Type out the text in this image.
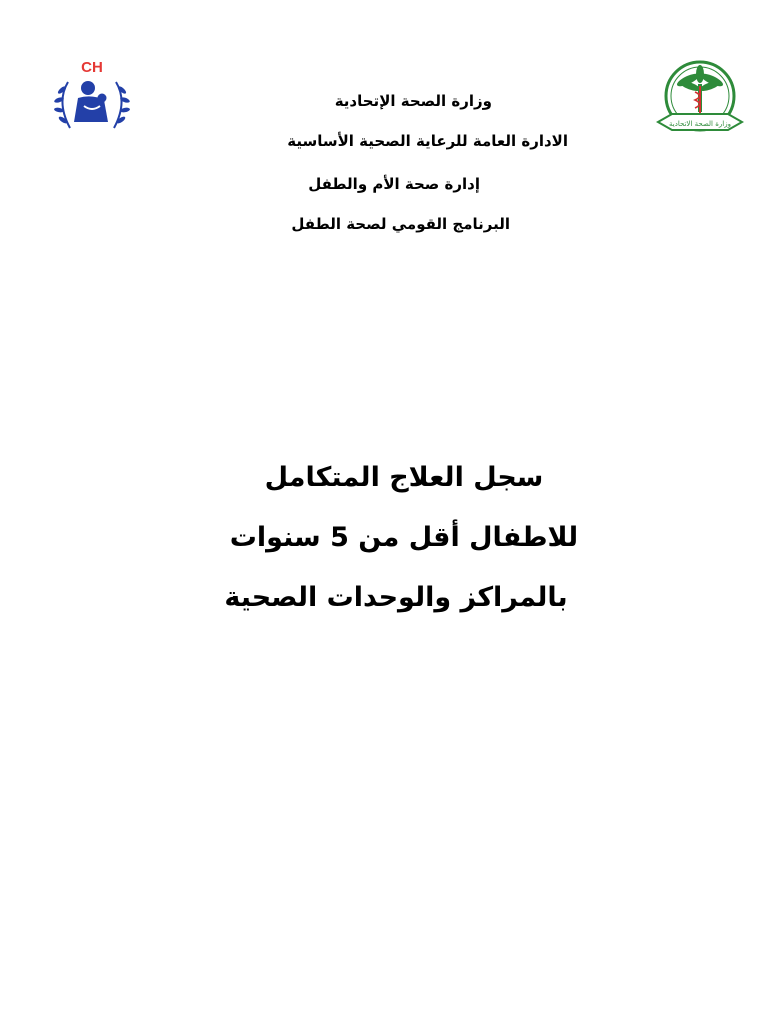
CH
وزارة الصحة الاتحادية
وزارة الصحة الإتحادية
الادارة العامة للرعاية الصحية الأساسية
إدارة صحة الأم والطفل
البرنامج القومي لصحة الطفل
سجل العلاج المتكامل
للاطفال أقل من 5 سنوات
بالمراكز والوحدات الصحية
